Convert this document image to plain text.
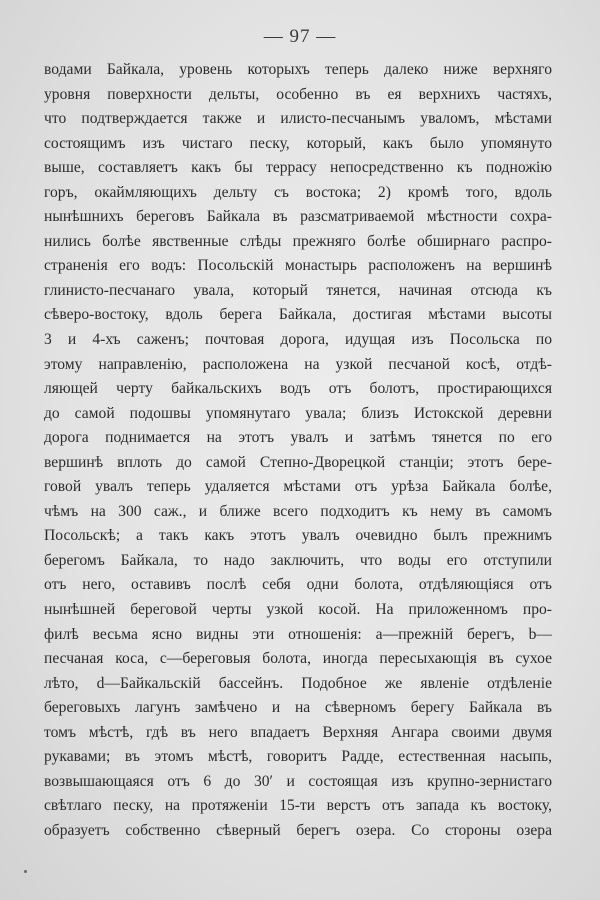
— 97 —
водами Байкала, уровень которыхъ теперь далеко ниже верхняго
уровня поверхности дельты, особенно въ ея верхнихъ частяхъ,
что подтверждается также и илисто-песчанымъ уваломъ, мѣстами
состоящимъ изъ чистаго песку, который, какъ было упомянуто
выше, составляетъ какъ бы террасу непосредственно къ подножію
горъ, окаймляющихъ дельту съ востока; 2) кромѣ того, вдоль
нынѣшнихъ береговъ Байкала въ разсматриваемой мѣстности сохра-
нились болѣе явственные слѣды прежняго болѣе обширнаго распро-
страненія его водъ: Посольскій монастырь расположенъ на вершинѣ
глинисто-песчанаго увала, который тянется, начиная отсюда къ
сѣверо-востоку, вдоль берега Байкала, достигая мѣстами высоты
3 и 4-хъ саженъ; почтовая дорога, идущая изъ Посольска по
этому направленію, расположена на узкой песчаной косѣ, отдѣ-
ляющей черту байкальскихъ водъ отъ болотъ, простирающихся
до самой подошвы упомянутаго увала; близъ Истокской деревни
дорога поднимается на этотъ увалъ и затѣмъ тянется по его
вершинѣ вплоть до самой Степно-Дворецкой станціи; этотъ бере-
говой увалъ теперь удаляется мѣстами отъ урѣза Байкала болѣе,
чѣмъ на 300 саж., и ближе всего подходитъ къ нему въ самомъ
Посольскѣ; а такъ какъ этотъ увалъ очевидно былъ прежнимъ
берегомъ Байкала, то надо заключить, что воды его отступили
отъ него, оставивъ послѣ себя одни болота, отдѣляющіяся отъ
нынѣшней береговой черты узкой косой. На приложенномъ про-
филѣ весьма ясно видны эти отношенія: а—прежній берегъ, b—
песчаная коса, с—береговыя болота, иногда пересыхающія въ сухое
лѣто, d—Байкальскій бассейнъ. Подобное же явленіе отдѣленіе
береговыхъ лагунъ замѣчено и на сѣверномъ берегу Байкала въ
томъ мѣстѣ, гдѣ въ него впадаетъ Верхняя Ангара своими двумя
рукавами; въ этомъ мѣстѣ, говоритъ Радде, естественная насыпь,
возвышающаяся отъ 6 до 30′ и состоящая изъ крупно-зернистаго
свѣтлаго песку, на протяженіи 15-ти верстъ отъ запада къ востоку,
образуетъ собственно сѣверный берегъ озера. Со стороны озера
